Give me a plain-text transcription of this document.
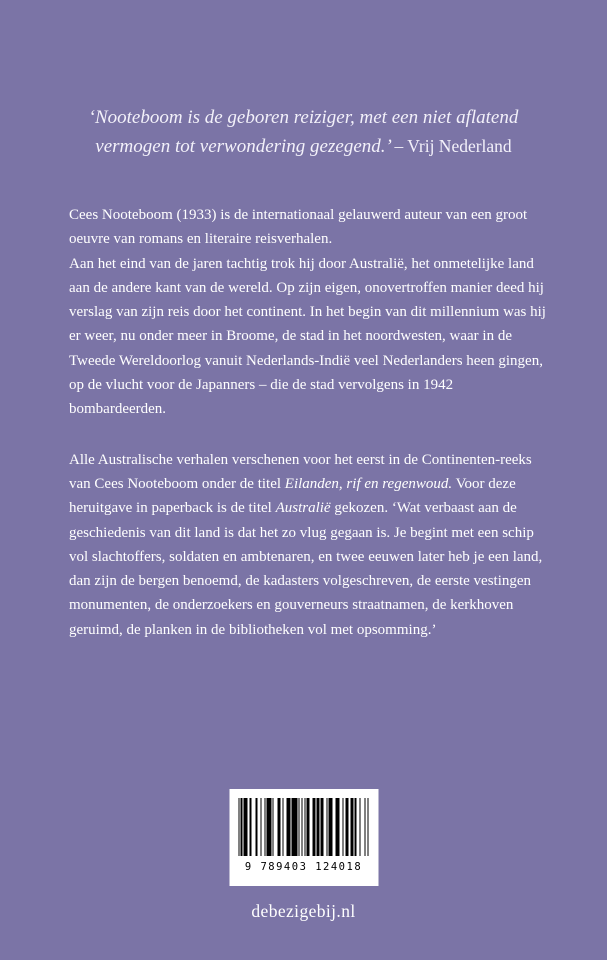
‘Nooteboom is de geboren reiziger, met een niet aflatend vermogen tot verwondering gezegend.’ – Vrij Nederland

Cees Nooteboom (1933) is de internationaal gelauwerd auteur van een groot oeuvre van romans en literaire reisverhalen.
Aan het eind van de jaren tachtig trok hij door Australië, het onmetelijke land aan de andere kant van de wereld. Op zijn eigen, onovertroffen manier deed hij verslag van zijn reis door het continent. In het begin van dit millennium was hij er weer, nu onder meer in Broome, de stad in het noordwesten, waar in de Tweede Wereldoorlog vanuit Nederlands-Indië veel Nederlanders heen gingen, op de vlucht voor de Japanners – die de stad vervolgens in 1942 bombardeerden.

Alle Australische verhalen verschenen voor het eerst in de Continenten-reeks van Cees Nooteboom onder de titel Eilanden, rif en regenwoud. Voor deze heruitgave in paperback is de titel Australië gekozen. ‘Wat verbaast aan de geschiedenis van dit land is dat het zo vlug gegaan is. Je begint met een schip vol slachtoffers, soldaten en ambtenaren, en twee eeuwen later heb je een land, dan zijn de bergen benoemd, de kadasters volgeschreven, de eerste vestingen monumenten, de onderzoekers en gouverneurs straatnamen, de kerkhoven geruimd, de planken in de bibliotheken vol met opsomming.’

9 789403 124018
debezigebij.nl
